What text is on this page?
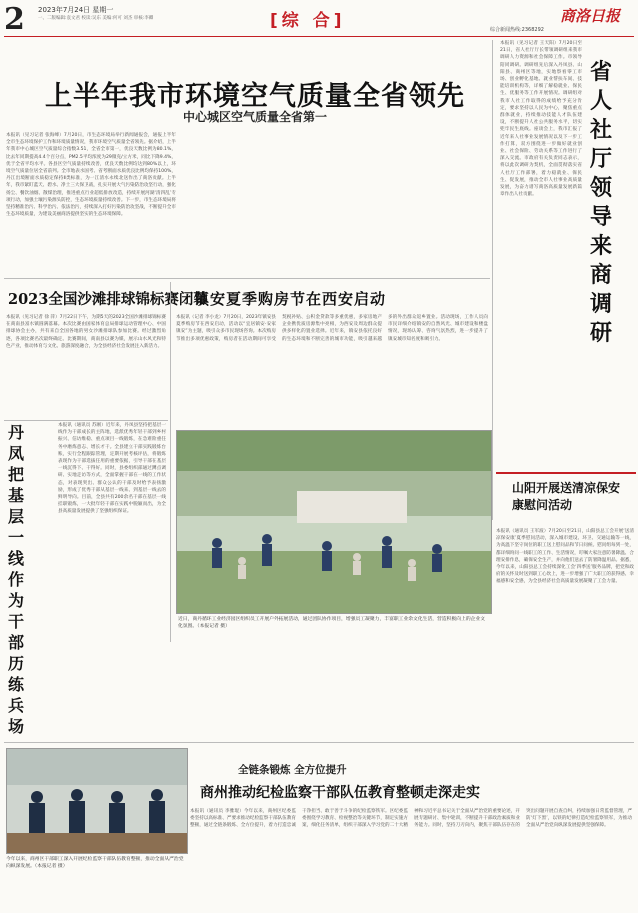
2 2023年7月24日 星期一
一、二版编辑:袁文君 校读:吴东 美编:何可 刘杰 审核:李卿	[综 合]	商洛日报
综合新闻热线:2368292
上半年我市环境空气质量全省领先
中心城区空气质量全省第一
本报讯（见习记者 张海峰）7月20日，市生态环境局举行新闻通报会，通报上半年全市生态环境保护工作和环境质量情况，我市环境空气质量全省领先。据介绍，上半年我市中心城区空气质量综合指数3.51，全省全市第一，优良天数比例为80.1%，比去年同期提高4.4个百分点，PM2.5平均浓度为29微克/立方米，同比下降9.4%，优于全省平均水平。各县区空气质量持续改善，优良天数比例均达到80%以上，环境空气质量位居全省前列。全市地表水国考、省考断面水质优良比例均保持100%，丹江出境断面水质稳定保持Ⅱ类标准，为一江清水永续北送作出了商洛贡献。上半年，我市紧盯蓝天、碧水、净土三大保卫战，扎实开展大气污染防治攻坚行动，强化扬尘、餐饮油烟、散煤治理，推进重点行业超低排放改造，持续开展河湖‘清四乱’专项行动，加强土壤污染源头防控，生态环境质量持续改善。下一步，市生态环境局将坚持精准治污、科学治污、依法治污，持续深入打好污染防治攻坚战，不断提升全市生态环境质量，为建设美丽商洛提供坚实的生态环境保障。
本报讯（见习记者 王天阳）7月20日至21日，省人社厅厅长带领调研组来我市调研人力资源和社会保障工作。市领导陪同调研。调研组先后深入丹凤县、山阳县、商州区等地，实地察看零工市场、创业孵化基地、就业帮扶车间、技能培训机构等，详细了解稳就业、保民生、优服务等工作开展情况。调研组对我市人社工作取得的成绩给予充分肯定，要求坚持以人民为中心，聚焦重点群体就业，持续推动技能人才队伍建设，不断提升人社公共服务水平，切实兜牢民生底线。座谈会上，我市汇报了近年来人社事业发展情况以及下一步工作打算，双方围绕进一步做好就业创业、社会保险、劳动关系等工作进行了深入交流。市政府有关负责同志表示，将以此次调研为契机，全面贯彻落实省人社厅工作部署，着力稳就业、保民生、促发展，推动全市人社事业高质量发展，为奋力谱写商洛高质量发展新篇章作出人社贡献。
省人社厅领导来商调研
2023全国沙滩排球锦标赛闭幕
本报讯（见习记者 徐 萍）7月22日下午，为期5天的2023全国沙滩排球锦标赛在商南县富水镇圆满落幕。本次比赛由国家体育总局排球运动管理中心、中国排球协会主办，共有来自全国各地的男女沙滩排球队参加比赛。经过激烈角逐，各项比赛名次最终确定。比赛期间，商南县以赛为媒，展示山水风光和特色产业，推动体育与文化、旅游深度融合，为全县经济社会发展注入新活力。
镇安夏季购房节在西安启动
本报讯（记者 李小龙）7月20日，2023年镇安县夏季购房节在西安启动，活动以“宜居镇安·安家镇安”为主题，吸引众多市民现场咨询。本次购房节推出多项优惠政策，购房者在活动期间可享受契税补贴、公积金贷款等多重优惠，多家房地产企业携优质房源集中亮相，为西安及周边群众提供多样化的置业选择。近年来，镇安县依托良好的生态环境和不断完善的城市功能，吸引越来越多的外出群众返乡置业。活动现场，工作人员向市民详细介绍镇安的自然风光、城市建设和楼盘情况，现场认筹、咨询气氛热烈，进一步提升了镇安城市知名度和吸引力。
丹凤把基层一线作为干部历练兵场
本报讯（通讯员 苏刚）近年来，丹凤县坚持把基层一线作为干部成长的主阵地，选派优秀年轻干部到乡村振兴、信访维稳、重点项目一线锻炼，在急难险重任务中磨炼意志、增长才干。全县建立干部实践锻炼台账，实行全程跟踪管理，定期开展考核评估，将锻炼表现作为干部选拔任用的重要依据，引导干部在基层一线沉得下、干得好。同时，县委组织部通过蹲点调研、实地走访等方式，全面掌握干部在一线的工作状态，对表现突出、群众公认的干部及时给予表扬激励，形成了优秀干部从基层一线来、到基层一线去的鲜明导向。目前，全县共有200余名干部在基层一线挂职锻炼，一大批年轻干部在实践中脱颖而出，为全县高质量发展提供了坚强组织保证。
近日，商丹循环工业经济园区组织员工开展户外拓展活动，通过团队协作项目，增强员工凝聚力，丰富职工业余文化生活，营造积极向上的企业文化氛围。（本报记者 摄）
山阳开展送清凉保安康慰问活动
本报讯（通讯员 王军波）7月20日至21日，山阳县总工会开展‘送清凉保安康’夏季慰问活动，深入城市建设、环卫、交通运输等一线，为高温下坚守岗位的职工送上慰问品和节日问候。慰问组每到一处，都详细询问一线职工的工作、生活情况，叮嘱大家注意防暑降温、合理安排作息，确保安全生产，并向他们送去了防暑降温用品。据悉，今年以来，山阳县总工会持续深化工会‘四季送’服务品牌，把党和政府的关怀及时送到职工心坎上，进一步增强了广大职工的获得感、幸福感和安全感，为全县经济社会高质量发展凝聚了工会力量。
全链条锻炼 全方位提升
商州推动纪检监察干部队伍教育整顿走深走实
今年以来，商州区干部职工深入开展纪检监察干部队伍教育整顿，推动全面从严治党向纵深发展。（本报记者 摄）
本报讯（通讯员 李雅琨）今年以来，商州区纪委监委坚持以高标准、严要求推动纪检监察干部队伍教育整顿，通过全链条锻炼、全方位提升，着力打造忠诚干净担当、敢于善于斗争的纪检监察铁军。区纪委监委围绕学习教育、检视整治等关键环节，制定实施方案，细化任务清单，组织干部深入学习党的二十大精神和习近平总书记关于全面从严治党的重要论述，开展专题研讨、集中轮训，不断提升干部政治素质和业务能力。同时，坚持刀刃向内，聚焦干部队伍存在的突出问题开展自查自纠，持续加强日常监督管理，严防‘灯下黑’，以铁的纪律打造纪检监察铁军，为推动全面从严治党向纵深发展提供坚强保障。
